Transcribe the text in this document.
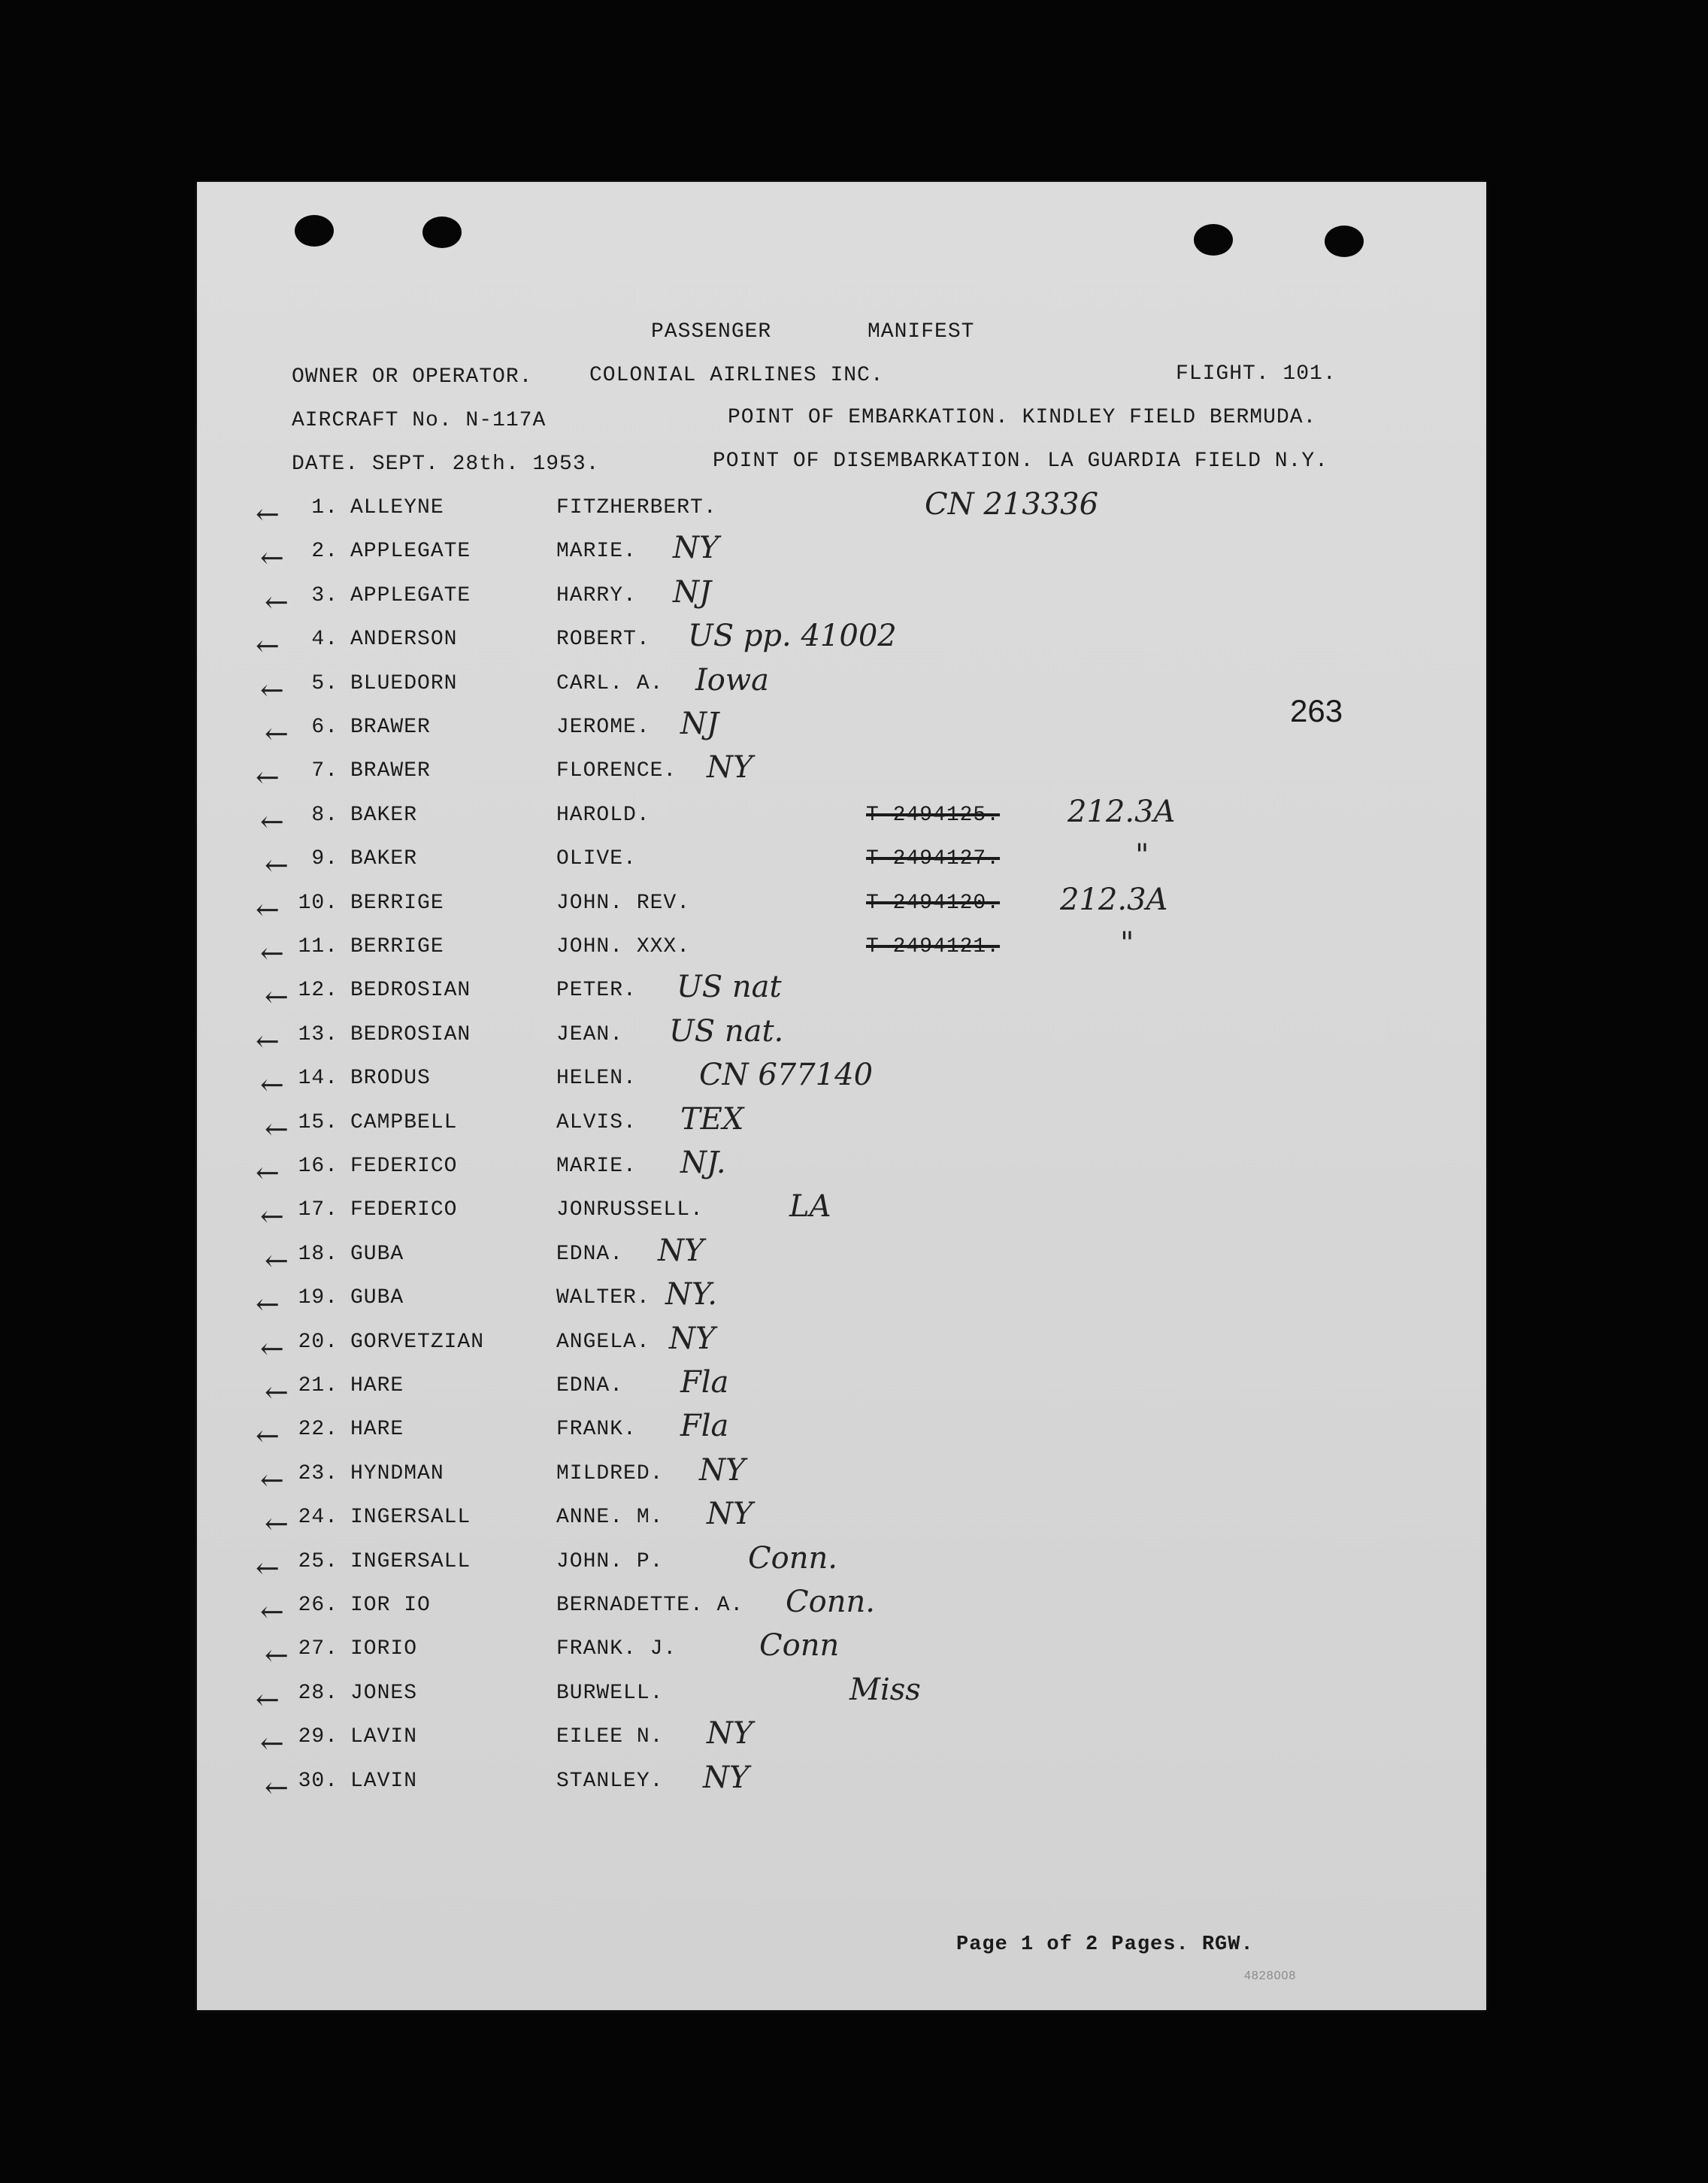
PASSENGER	MANIFEST
OWNER OR OPERATOR.	COLONIAL AIRLINES INC.	FLIGHT. 101.
AIRCRAFT No. N-117A	POINT OF EMBARKATION. KINDLEY FIELD BERMUDA.
DATE. SEPT. 28th. 1953.	POINT OF DISEMBARKATION. LA GUARDIA FIELD N.Y.
263
←	1. ALLEYNE	FITZHERBERT.	CN 213336
←	2. APPLEGATE	MARIE. NY
←	3. APPLEGATE	HARRY. NJ
←	4. ANDERSON	ROBERT. US pp. 41002
←	5. BLUEDORN	CARL. A. Iowa
←	6. BRAWER	JEROME. NJ
←	7. BRAWER	FLORENCE. NY
←	8. BAKER	HAROLD.	T-2494125. 212.3A
←	9. BAKER	OLIVE.	T-2494127.	"
← 10. BERRIGE	JOHN. REV.	T-2494120. 212.3A
← 11. BERRIGE	JOHN. XXX.	T-2494121.	"
← 12. BEDROSIAN	PETER. US nat
← 13. BEDROSIAN	JEAN. US nat.
← 14. BRODUS	HELEN. CN 677140
← 15. CAMPBELL	ALVIS. TEX
← 16. FEDERICO	MARIE. NJ.
← 17. FEDERICO	JONRUSSELL.	LA
← 18. GUBA	EDNA. NY
← 19. GUBA	WALTER. NY.
← 20. GORVETZIAN	ANGELA. NY
← 21. HARE	EDNA. Fla
← 22. HARE	FRANK. Fla
← 23. HYNDMAN	MILDRED. NY
← 24. INGERSALL	ANNE. M. NY
← 25. INGERSALL	JOHN. P.	Conn.
← 26. IOR IO	BERNADETTE. A. Conn.
← 27. IORIO	FRANK. J.	Conn
← 28. JONES	BURWELL.	Miss
← 29. LAVIN	EILEE N. NY
← 30. LAVIN	STANLEY. NY
Page 1 of 2 Pages. RGW.
4828008
